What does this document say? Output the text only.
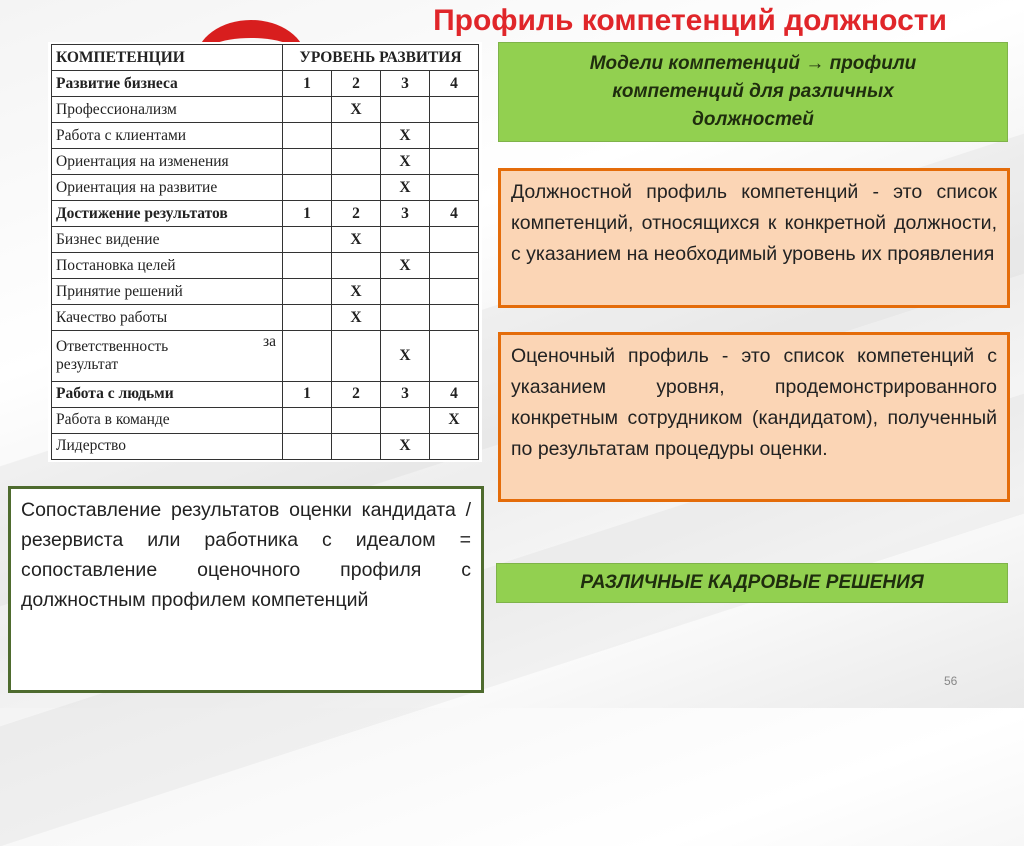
Профиль компетенций должности
КОМПЕТЕНЦИИ	УРОВЕНЬ РАЗВИТИЯ			
Развитие бизнеса	1	2	3	4
Профессионализм		X		
Работа с клиентами			X	
Ориентация на изменения			X	
Ориентация на развитие			X	
Достижение результатов	1	2	3	4
Бизнес видение		X		
Постановка целей			X	
Принятие решений		X		
Качество работы		X		
Ответственность за

результат			X	
Работа с людьми	1	2	3	4
Работа в команде				X
Лидерство			X	
Модели компетенций → профили компетенций для различных должностей
Должностной профиль компетенций - это список компетенций, относящихся к конкретной должности, с указанием на необходимый уровень их проявления
Оценочный профиль - это список компетенций с указанием уровня, продемонстрированного конкретным сотрудником (кандидатом), полученный по результатам процедуры оценки.
Сопоставление результатов оценки кандидата / резервиста или работника с идеалом = сопоставление оценочного профиля с должностным профилем компетенций
РАЗЛИЧНЫЕ КАДРОВЫЕ РЕШЕНИЯ
56
